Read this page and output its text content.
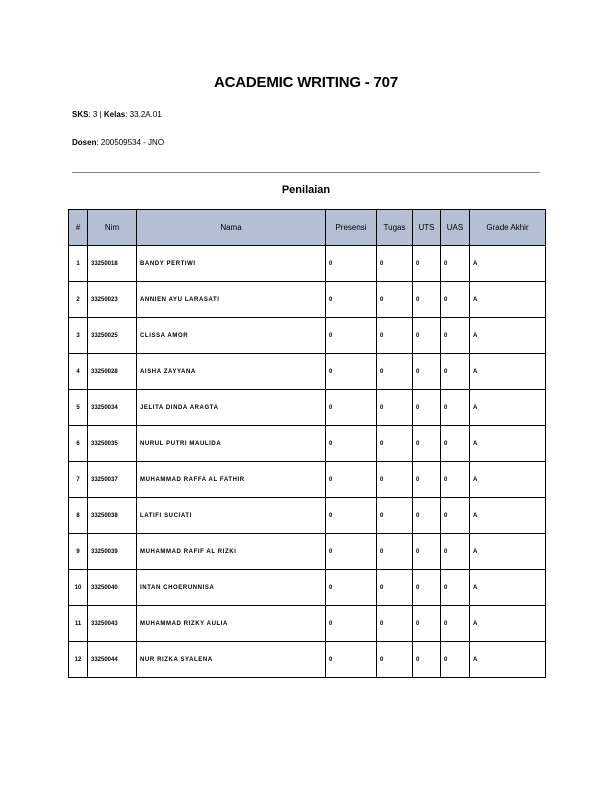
ACADEMIC WRITING - 707
SKS: 3 | Kelas: 33.2A.01
Dosen: 200509534 - JNO
Penilaian
#	Nim	Nama	Presensi	Tugas	UTS	UAS	Grade Akhir
1	33250018	BANDY PERTIWI	0	0	0	0	A
2	33250023	ANNIEN AYU LARASATI	0	0	0	0	A
3	33250025	CLISSA AMOR	0	0	0	0	A
4	33250028	AISHA ZAYYANA	0	0	0	0	A
5	33250034	JELITA DINDA ARAGTA	0	0	0	0	A
6	33250035	NURUL PUTRI MAULIDA	0	0	0	0	A
7	33250037	MUHAMMAD RAFFA AL FATHIR	0	0	0	0	A
8	33250038	LATIFI SUCIATI	0	0	0	0	A
9	33250039	MUHAMMAD RAFIF AL RIZKI	0	0	0	0	A
10	33250040	INTAN CHOERUNNISA	0	0	0	0	A
11	33250043	MUHAMMAD RIZKY AULIA	0	0	0	0	A
12	33250044	NUR RIZKA SYALENA	0	0	0	0	A
